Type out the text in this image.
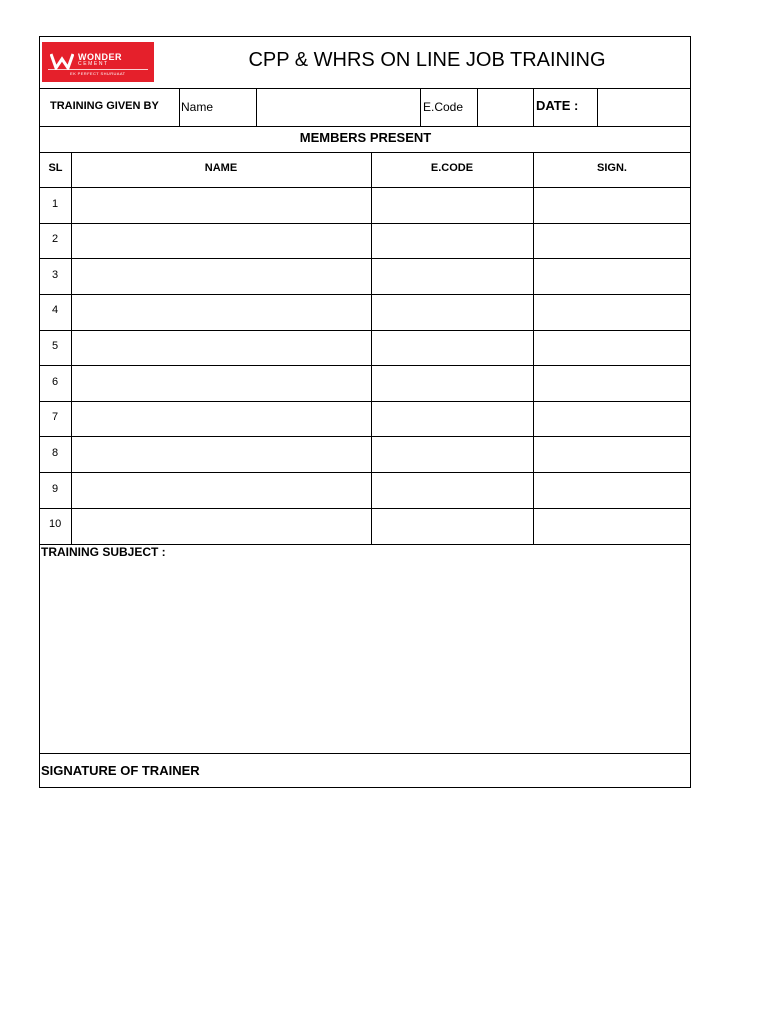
WONDER
CEMENT
EK PERFECT SHURUAAT
CPP & WHRS ON LINE JOB TRAINING
TRAINING GIVEN BY Name	E.Code	DATE :
MEMBERS PRESENT
SL	NAME	E.CODE	SIGN.
1
2
3
4
5
6
7
8
9
10
TRAINING SUBJECT :
SIGNATURE OF TRAINER
